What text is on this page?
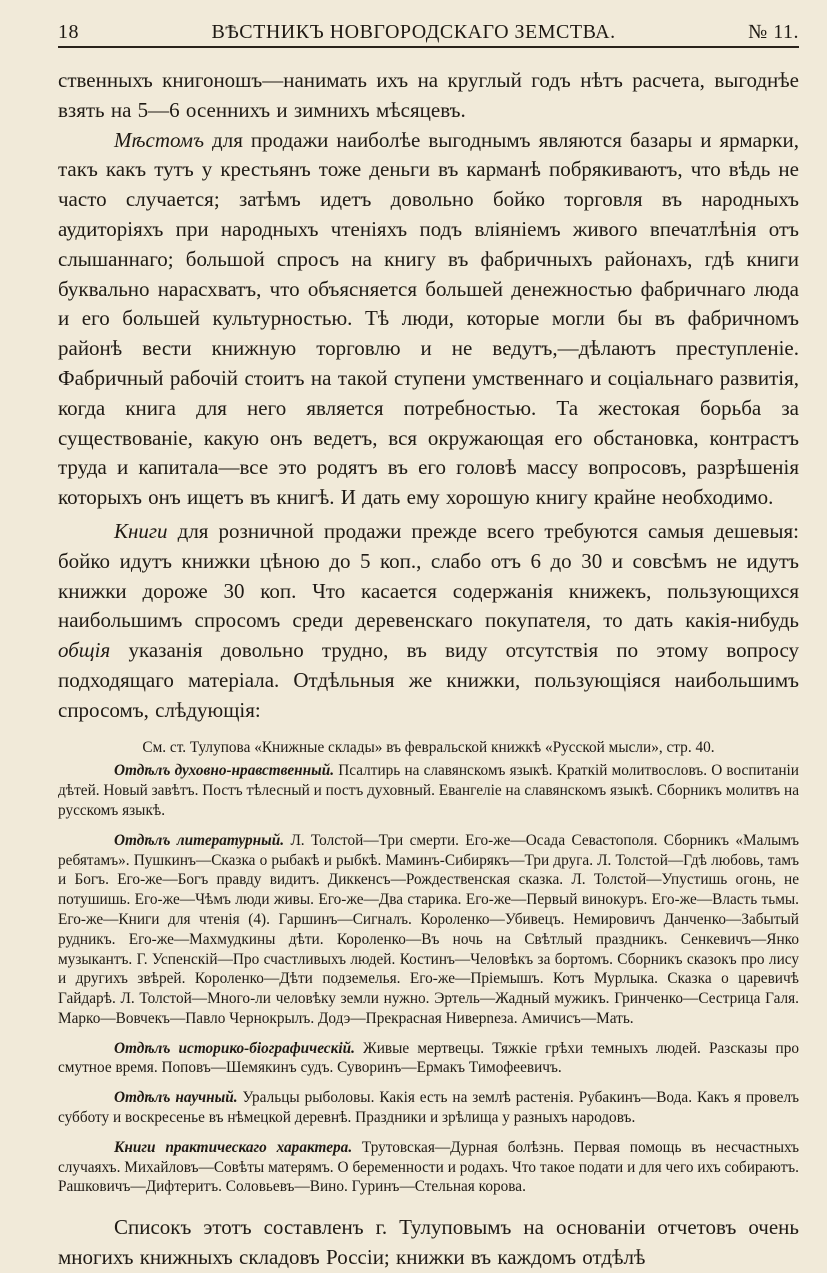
18	ВѢСТНИКЪ НОВГОРОДСКАГО ЗЕМСТВА.	№ 11.

ственныхъ книгоношъ—нанимать ихъ на круглый годъ нѣтъ расчета, выгоднѣе взять на 5—6 осеннихъ и зимнихъ мѣсяцевъ.

Мѣстомъ для продажи наиболѣе выгоднымъ являются базары и ярмарки, такъ какъ тутъ у крестьянъ тоже деньги въ карманѣ побрякиваютъ, что вѣдь не часто случается; затѣмъ идетъ довольно бойко торговля въ народныхъ аудиторіяхъ при народныхъ чтеніяхъ подъ вліяніемъ живого впечатлѣнія отъ слышаннаго; большой спросъ на книгу въ фабричныхъ районахъ, гдѣ книги буквально нарасхватъ, что объясняется большей денежностью фабричнаго люда и его большей культурностью. Тѣ люди, которые могли бы въ фабричномъ районѣ вести книжную торговлю и не ведутъ,—дѣлаютъ преступленіе. Фабричный рабочій стоитъ на такой ступени умственнаго и соціальнаго развитія, когда книга для него является потребностью. Та жестокая борьба за существованіе, какую онъ ведетъ, вся окружающая его обстановка, контрастъ труда и капитала—все это родятъ въ его головѣ массу вопросовъ, разрѣшенія которыхъ онъ ищетъ въ книгѣ. И дать ему хорошую книгу крайне необходимо.

Книги для розничной продажи прежде всего требуются самыя дешевыя: бойко идутъ книжки цѣною до 5 коп., слабо отъ 6 до 30 и совсѣмъ не идутъ книжки дороже 30 коп. Что касается содержанія книжекъ, пользующихся наибольшимъ спросомъ среди деревенскаго покупателя, то дать какія-нибудь общія указанія довольно трудно, въ виду отсутствія по этому вопросу подходящаго матеріала. Отдѣльныя же книжки, пользующіяся наибольшимъ спросомъ, слѣдующія:

См. ст. Тулупова «Книжные склады» въ февральской книжкѣ «Русской мысли», стр. 40.

Отдѣлъ духовно-нравственный. Псалтирь на славянскомъ языкѣ. Краткій молитвословъ. О воспитаніи дѣтей. Новый завѣтъ. Постъ тѣлесный и постъ духовный. Евангеліе на славянскомъ языкѣ. Сборникъ молитвъ на русскомъ языкѣ.

Отдѣлъ литературный. Л. Толстой—Три смерти. Его-же—Осада Севастополя. Сборникъ «Малымъ ребятамъ». Пушкинъ—Сказка о рыбакѣ и рыбкѣ. Маминъ-Сибирякъ—Три друга. Л. Толстой—Гдѣ любовь, тамъ и Богъ. Его-же—Богъ правду видитъ. Диккенсъ—Рождественская сказка. Л. Толстой—Упустишь огонь, не потушишь. Его-же—Чѣмъ люди живы. Его-же—Два старика. Его-же—Первый винокуръ. Его-же—Власть тьмы. Его-же—Книги для чтенія (4). Гаршинъ—Сигналъ. Короленко—Убивецъ. Немировичъ Данченко—Забытый рудникъ. Его-же—Махмудкины дѣти. Короленко—Въ ночь на Свѣтлый праздникъ. Сенкевичъ—Янко музыкантъ. Г. Успенскій—Про счастливыхъ людей. Костинъ—Человѣкъ за бортомъ. Сборникъ сказокъ про лису и другихъ звѣрей. Короленко—Дѣти подземелья. Его-же—Пріемышъ. Котъ Мурлыка. Сказка о царевичѣ Гайдарѣ. Л. Толстой—Много-ли человѣку земли нужно. Эртель—Жадный мужикъ. Гринченко—Сестрица Галя. Марко—Вовчекъ—Павло Чернокрылъ. Додэ—Прекрасная Ниверneза. Амичисъ—Мать.

Отдѣлъ историко-біографическій. Живые мертвецы. Тяжкіе грѣхи темныхъ людей. Разсказы про смутное время. Поповъ—Шемякинъ судъ. Суворинъ—Ермакъ Тимофеевичъ.

Отдѣлъ научный. Уральцы рыболовы. Какія есть на землѣ растенія. Рубакинъ—Вода. Какъ я провелъ субботу и воскресенье въ нѣмецкой деревнѣ. Праздники и зрѣлища у разныхъ народовъ.

Книги практическаго характера. Трутовская—Дурная болѣзнь. Первая помощь въ несчастныхъ случаяхъ. Михайловъ—Совѣты матерямъ. О беременности и родахъ. Что такое подати и для чего ихъ собираютъ. Рашковичъ—Дифтеритъ. Соловьевъ—Вино. Гуринъ—Стельная корова.

Списокъ этотъ составленъ г. Тулуповымъ на основаніи отчетовъ очень многихъ книжныхъ складовъ Россіи; книжки въ каждомъ отдѣлѣ
